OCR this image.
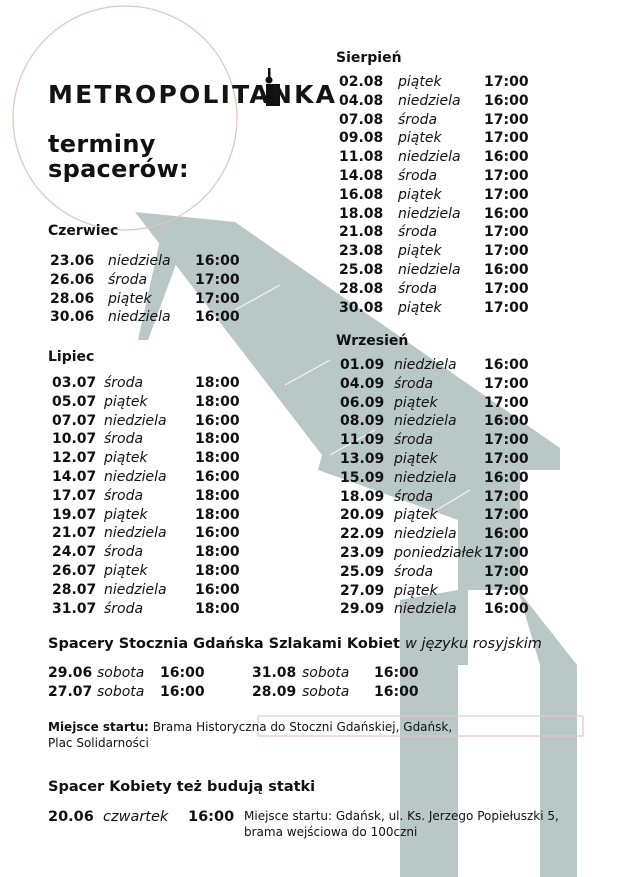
METROPOLITANKA
terminy
spacerów:
Czerwiec
23.06 niedziela 16:00
26.06 środa	17:00
28.06 piątek	17:00
30.06 niedziela 16:00
Lipiec
03.07 środa	18:00
05.07 piątek	18:00
07.07 niedziela 16:00
10.07 środa	18:00
12.07 piątek	18:00
14.07 niedziela 16:00
17.07 środa	18:00
19.07 piątek	18:00
21.07 niedziela 16:00
24.07 środa	18:00
26.07 piątek	18:00
28.07 niedziela 16:00
31.07 środa	18:00
Sierpień
02.08 piątek	17:00
04.08 niedziela 16:00
07.08 środa	17:00
09.08 piątek	17:00
11.08 niedziela 16:00
14.08 środa	17:00
16.08 piątek	17:00
18.08 niedziela 16:00
21.08 środa	17:00
23.08 piątek	17:00
25.08 niedziela 16:00
28.08 środa	17:00
30.08 piątek	17:00
Wrzesień
01.09 niedziela 16:00
04.09 środa	17:00
06.09 piątek	17:00
08.09 niedziela 16:00
11.09 środa	17:00
13.09 piątek	17:00
15.09 niedziela 16:00
18.09 środa	17:00
20.09 piątek	17:00
22.09 niedziela 16:00
23.09 poniedziałek 17:00
25.09 środa	17:00
27.09 piątek	17:00
29.09 niedziela 16:00
Spacery Stocznia Gdańska Szlakami Kobiet w języku rosyjskim
29.06 sobota 16:00
27.07 sobota 16:00
31.08 sobota 16:00
28.09 sobota 16:00
Miejsce startu: Brama Historyczna do Stoczni Gdańskiej, Gdańsk,
Plac Solidarności
Spacer Kobiety też budują statki
20.06 czwartek 16:00 Miejsce startu: Gdańsk, ul. Ks. Jerzego Popiełuszki 5,
brama wejściowa do 100czni
